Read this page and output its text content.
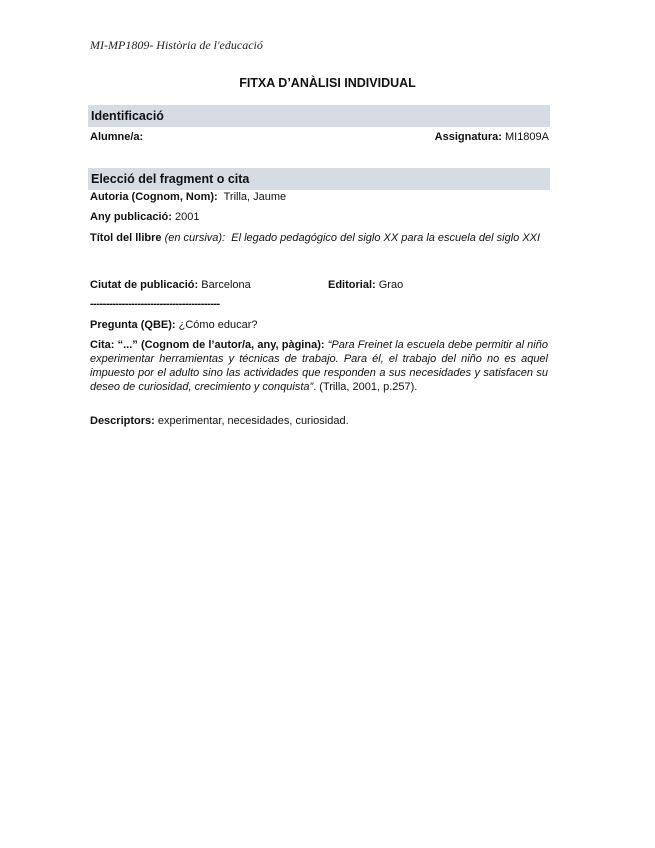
MI-MP1809- Història de l'educació
FITXA D’ANÀLISI INDIVIDUAL
Identificació
Alumne/a:	Assignatura: MI1809A
Elecció del fragment o cita
Autoria (Cognom, Nom): Trilla, Jaume
Any publicació: 2001
Títol del llibre (en cursiva): El legado pedagógico del siglo XX para la escuela del siglo XXI
Ciutat de publicació: Barcelona	Editorial: Grao
-----------------------------------------
Pregunta (QBE): ¿Cómo educar?
Cita: “...” (Cognom de l’autor/a, any, pàgina): “Para Freinet la escuela debe permitir al niño experimentar herramientas y técnicas de trabajo. Para él, el trabajo del niño no es aquel impuesto por el adulto sino las actividades que responden a sus necesidades y satisfacen su deseo de curiosidad, crecimiento y conquista”. (Trilla, 2001, p.257).
Descriptors: experimentar, necesidades, curiosidad.
